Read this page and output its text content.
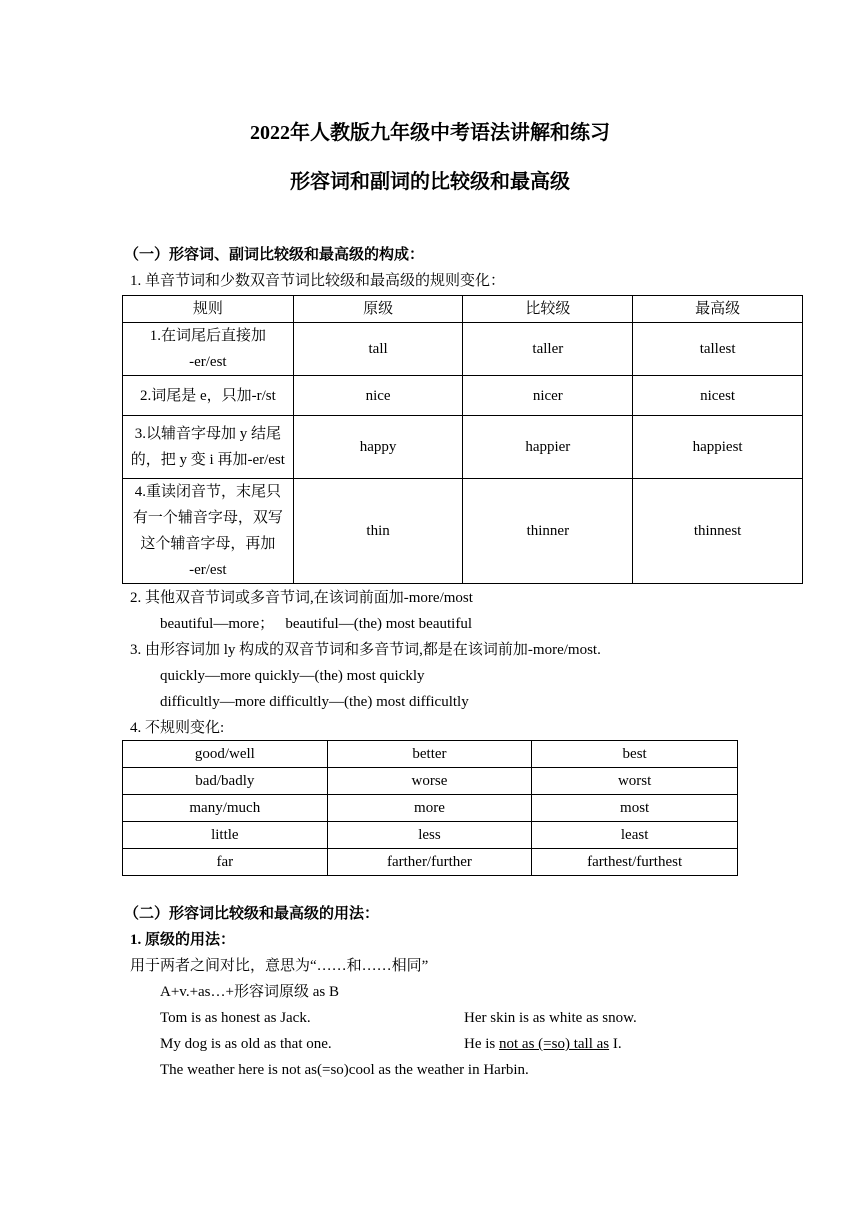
2022年人教版九年级中考语法讲解和练习
形容词和副词的比较级和最高级
（一）形容词、副词比较级和最高级的构成：
1. 单音节词和少数双音节词比较级和最高级的规则变化：
规则	原级	比较级	最高级

1.在词尾后直接加
-er/est	tall	taller	tallest

2.词尾是 e，只加-r/st	nice	nicer	nicest

3.以辅音字母加 y 结尾
的，把 y 变 i 再加-er/est	happy	happier	happiest

4.重读闭音节，末尾只
有一个辅音字母，双写
这个辅音字母，再加
-er/est	thin	thinner	thinnest
2. 其他双音节词或多音节词,在该词前面加-more/most
beautiful—more；   beautiful—(the) most beautiful
3. 由形容词加 ly 构成的双音节词和多音节词,都是在该词前加-more/most.
quickly—more quickly—(the) most quickly
difficultly—more difficultly—(the) most difficultly
4. 不规则变化:
good/well	better	best
bad/badly	worse	worst
many/much	more	most
little	less	least
far	farther/further	farthest/furthest
（二）形容词比较级和最高级的用法：
1. 原级的用法：
用于两者之间对比，意思为“……和……相同”
A+v.+as…+形容词原级 as B
Tom is as honest as Jack.	Her skin is as white as snow.
My dog is as old as that one.	He is not as (=so) tall as I.
The weather here is not as(=so)cool as the weather in Harbin.
